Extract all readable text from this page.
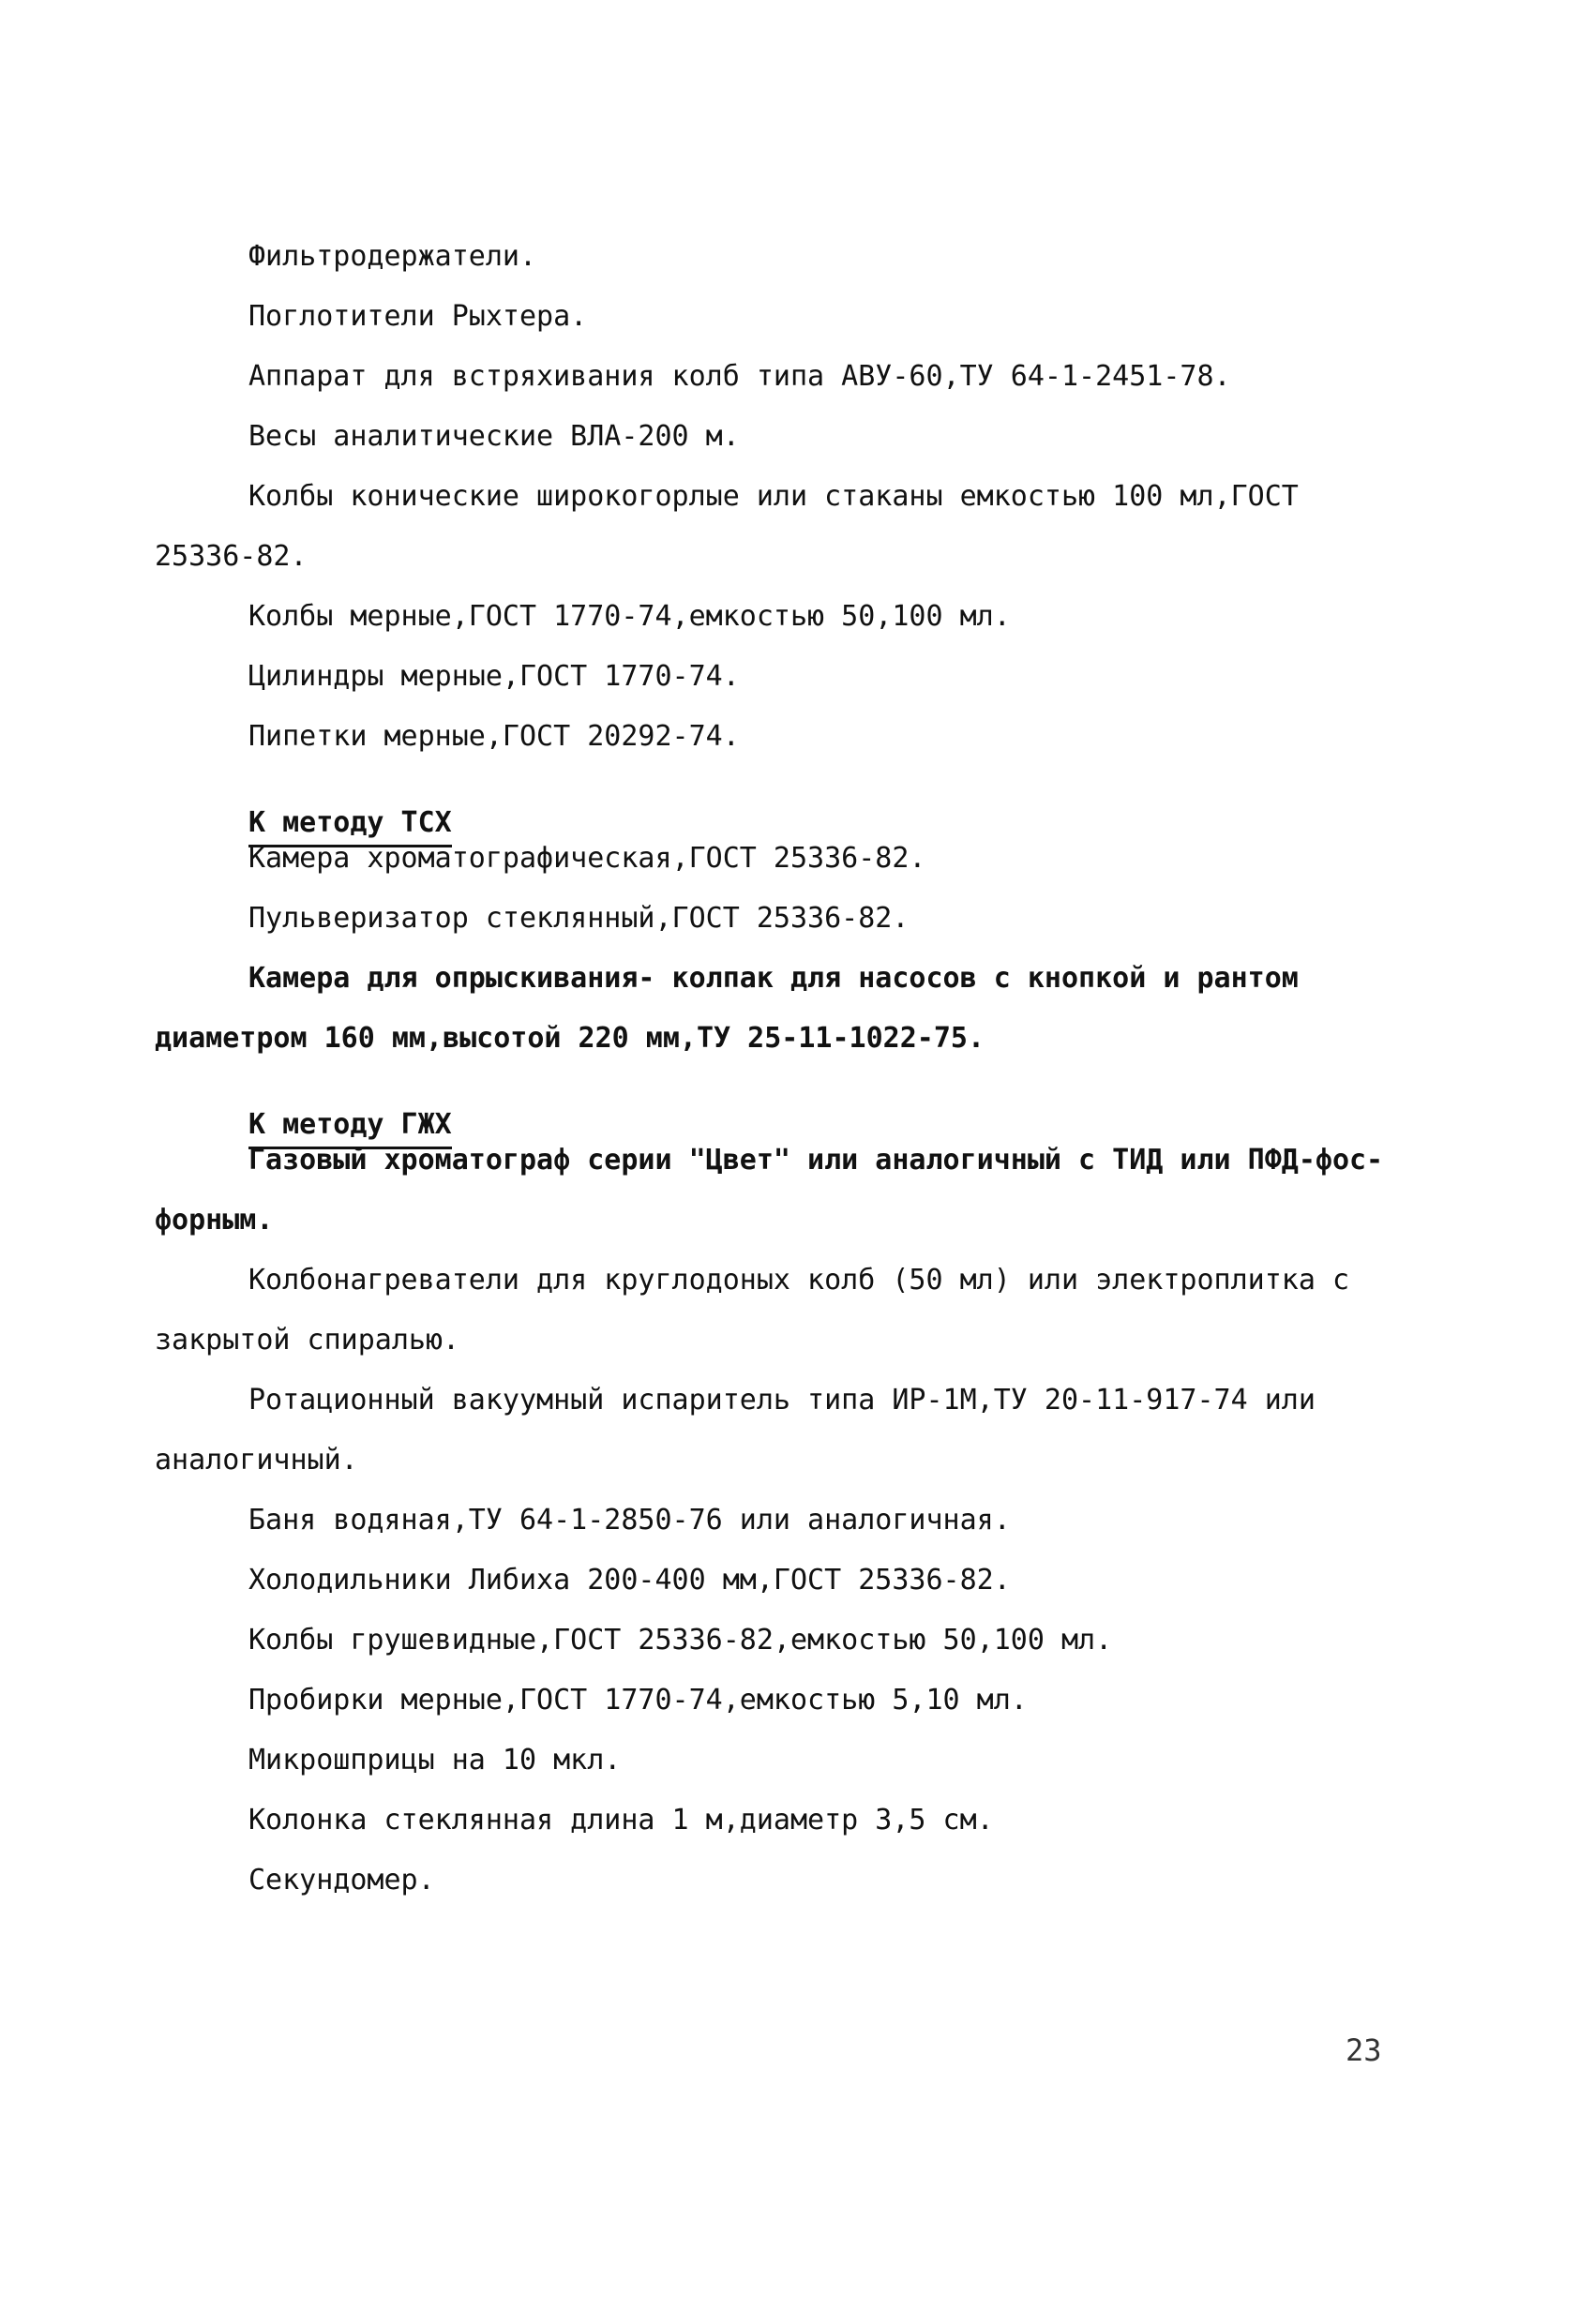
Фильтродержатели.

Поглотители Рыхтера.

Аппарат для встряхивания колб типа АВУ-60,ТУ 64-1-2451-78.

Весы аналитические ВЛА-200 м.

Колбы конические широкогорлые или стаканы емкостью 100 мл,ГОСТ

25336-82.

Колбы мерные,ГОСТ 1770-74,емкостью 50,100 мл.

Цилиндры мерные,ГОСТ 1770-74.

Пипетки мерные,ГОСТ 20292-74.

К методу ТСХ

Камера хроматографическая,ГОСТ 25336-82.

Пульверизатор стеклянный,ГОСТ 25336-82.

Камера для опрыскивания- колпак для насосов с кнопкой и рантом

диаметром 160 мм,высотой 220 мм,ТУ 25-11-1022-75.

К методу ГЖХ

Газовый хроматограф серии "Цвет" или аналогичный с ТИД или ПФД-фос-

форным.

Колбонагреватели для круглодоных колб (50 мл) или электроплитка с

закрытой спиралью.

Ротационный вакуумный испаритель типа ИР-1М,ТУ 20-11-917-74 или

аналогичный.

Баня водяная,ТУ 64-1-2850-76 или аналогичная.

Холодильники Либиха 200-400 мм,ГОСТ 25336-82.

Колбы грушевидные,ГОСТ 25336-82,емкостью 50,100 мл.

Пробирки мерные,ГОСТ 1770-74,емкостью 5,10 мл.

Микрошприцы на 10 мкл.

Колонка стеклянная длина 1 м,диаметр 3,5 см.

Секундомер.

23
